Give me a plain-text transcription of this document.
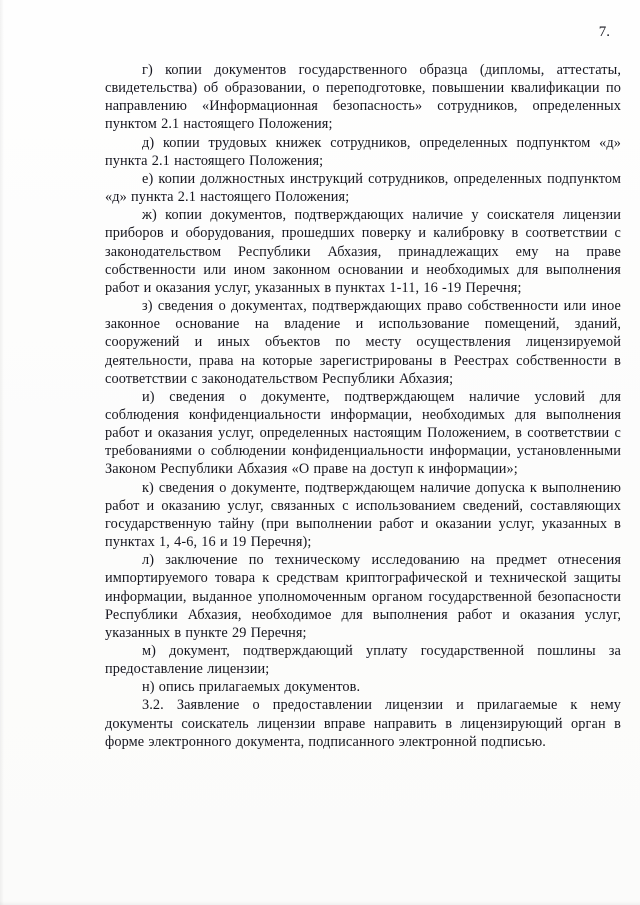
7.

г) копии документов государственного образца (дипломы, аттестаты, свидетельства) об образовании, о переподготовке, повышении квалификации по направлению «Информационная безопасность» сотрудников, определенных пунктом 2.1 настоящего Положения;

д) копии трудовых книжек сотрудников, определенных подпунктом «д» пункта 2.1 настоящего Положения;

е) копии должностных инструкций сотрудников, определенных подпунктом «д» пункта 2.1 настоящего Положения;

ж) копии документов, подтверждающих наличие у соискателя лицензии приборов и оборудования, прошедших поверку и калибровку в соответствии с законодательством Республики Абхазия, принадлежащих ему на праве собственности или ином законном основании и необходимых для выполнения работ и оказания услуг, указанных в пунктах 1-11, 16 -19 Перечня;

з) сведения о документах, подтверждающих право собственности или иное законное основание на владение и использование помещений, зданий, сооружений и иных объектов по месту осуществления лицензируемой деятельности, права на которые зарегистрированы в Реестрах собственности в соответствии с законодательством Республики Абхазия;

и) сведения о документе, подтверждающем наличие условий для соблюдения конфиденциальности информации, необходимых для выполнения работ и оказания услуг, определенных настоящим Положением, в соответствии с требованиями о соблюдении конфиденциальности информации, установленными Законом Республики Абхазия «О праве на доступ к информации»;

к) сведения о документе, подтверждающем наличие допуска к выполнению работ и оказанию услуг, связанных с использованием сведений, составляющих государственную тайну (при выполнении работ и оказании услуг, указанных в пунктах 1, 4-6, 16 и 19 Перечня);

л) заключение по техническому исследованию на предмет отнесения импортируемого товара к средствам криптографической и технической защиты информации, выданное уполномоченным органом государственной безопасности Республики Абхазия, необходимое для выполнения работ и оказания услуг, указанных в пункте 29 Перечня;

м) документ, подтверждающий уплату государственной пошлины за предоставление лицензии;

н) опись прилагаемых документов.

3.2. Заявление о предоставлении лицензии и прилагаемые к нему документы соискатель лицензии вправе направить в лицензирующий орган в форме электронного документа, подписанного электронной подписью.
